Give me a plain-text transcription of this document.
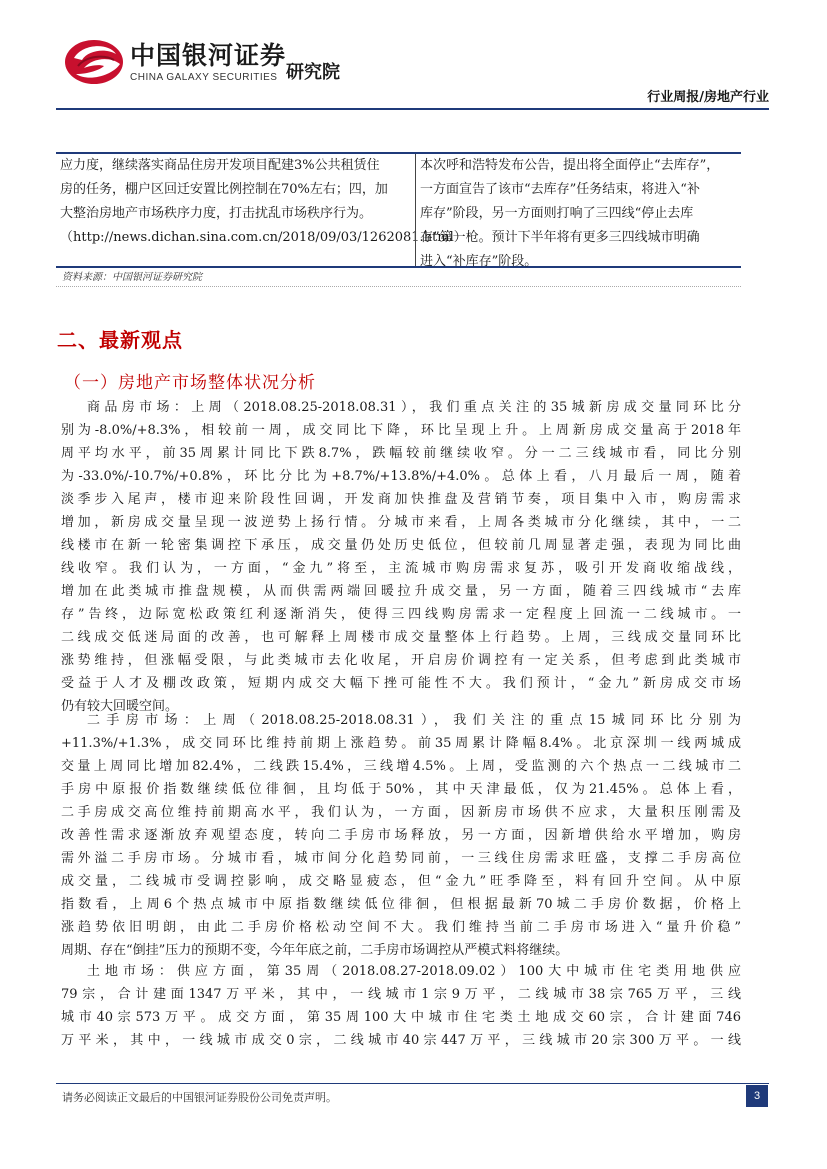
中国银河证券
CHINA GALAXY SECURITIES 研究院
行业周报/房地产行业
应力度，继续落实商品住房开发项目配建3%公共租赁住
房的任务，棚户区回迁安置比例控制在70%左右；四，加
大整治房地产市场秩序力度，打击扰乱市场秩序行为。
（http://news.dichan.sina.com.cn/2018/09/03/1262081.html）
本次呼和浩特发布公告，提出将全面停止“去库存”，
一方面宣告了该市“去库存”任务结束，将进入“补
库存”阶段，另一方面则打响了三四线“停止去库
存”第一枪。预计下半年将有更多三四线城市明确
进入“补库存”阶段。
资料来源：中国银河证券研究院
二、最新观点
（一）房地产市场整体状况分析
商品房市场：上周（2018.08.25-2018.08.31），我们重点关注的35城新房成交量同环比分
别为-8.0%/+8.3%，相较前一周，成交同比下降，环比呈现上升。上周新房成交量高于2018年
周平均水平，前35周累计同比下跌8.7%，跌幅较前继续收窄。分一二三线城市看，同比分别
为-33.0%/-10.7%/+0.8%，环比分比为+8.7%/+13.8%/+4.0%。总体上看，八月最后一周，随着
淡季步入尾声，楼市迎来阶段性回调，开发商加快推盘及营销节奏，项目集中入市，购房需求
增加，新房成交量呈现一波逆势上扬行情。分城市来看，上周各类城市分化继续，其中，一二
线楼市在新一轮密集调控下承压，成交量仍处历史低位，但较前几周显著走强，表现为同比曲
线收窄。我们认为，一方面，“金九”将至，主流城市购房需求复苏，吸引开发商收缩战线，
增加在此类城市推盘规模，从而供需两端回暖拉升成交量，另一方面，随着三四线城市“去库
存”告终，边际宽松政策红利逐渐消失，使得三四线购房需求一定程度上回流一二线城市。一
二线成交低迷局面的改善，也可解释上周楼市成交量整体上行趋势。上周，三线成交量同环比
涨势维持，但涨幅受限，与此类城市去化收尾，开启房价调控有一定关系，但考虑到此类城市
受益于人才及棚改政策，短期内成交大幅下挫可能性不大。我们预计，“金九”新房成交市场
仍有较大回暖空间。
二手房市场：上周（2018.08.25-2018.08.31），我们关注的重点15城同环比分别为
+11.3%/+1.3%，成交同环比维持前期上涨趋势。前35周累计降幅8.4%。北京深圳一线两城成
交量上周同比增加82.4%，二线跌15.4%，三线增4.5%。上周，受监测的六个热点一二线城市二
手房中原报价指数继续低位徘徊，且均低于50%，其中天津最低，仅为21.45%。总体上看，
二手房成交高位维持前期高水平，我们认为，一方面，因新房市场供不应求，大量积压刚需及
改善性需求逐渐放弃观望态度，转向二手房市场释放，另一方面，因新增供给水平增加，购房
需外溢二手房市场。分城市看，城市间分化趋势同前，一三线住房需求旺盛，支撑二手房高位
成交量，二线城市受调控影响，成交略显疲态，但“金九”旺季降至，料有回升空间。从中原
指数看，上周6个热点城市中原指数继续低位徘徊，但根据最新70城二手房价数据，价格上
涨趋势依旧明朗，由此二手房价格松动空间不大。我们维持当前二手房市场进入“量升价稳”
周期、存在“倒挂”压力的预期不变，今年年底之前，二手房市场调控从严模式料将继续。
土地市场：供应方面，第35周（2018.08.27-2018.09.02）100大中城市住宅类用地供应
79宗，合计建面1347万平米，其中，一线城市1宗9万平，二线城市38宗765万平，三线
城市40宗573万平。成交方面，第35周100大中城市住宅类土地成交60宗，合计建面746
万平米，其中，一线城市成交0宗，二线城市40宗447万平，三线城市20宗300万平。一线
请务必阅读正文最后的中国银河证券股份公司免责声明。	3
